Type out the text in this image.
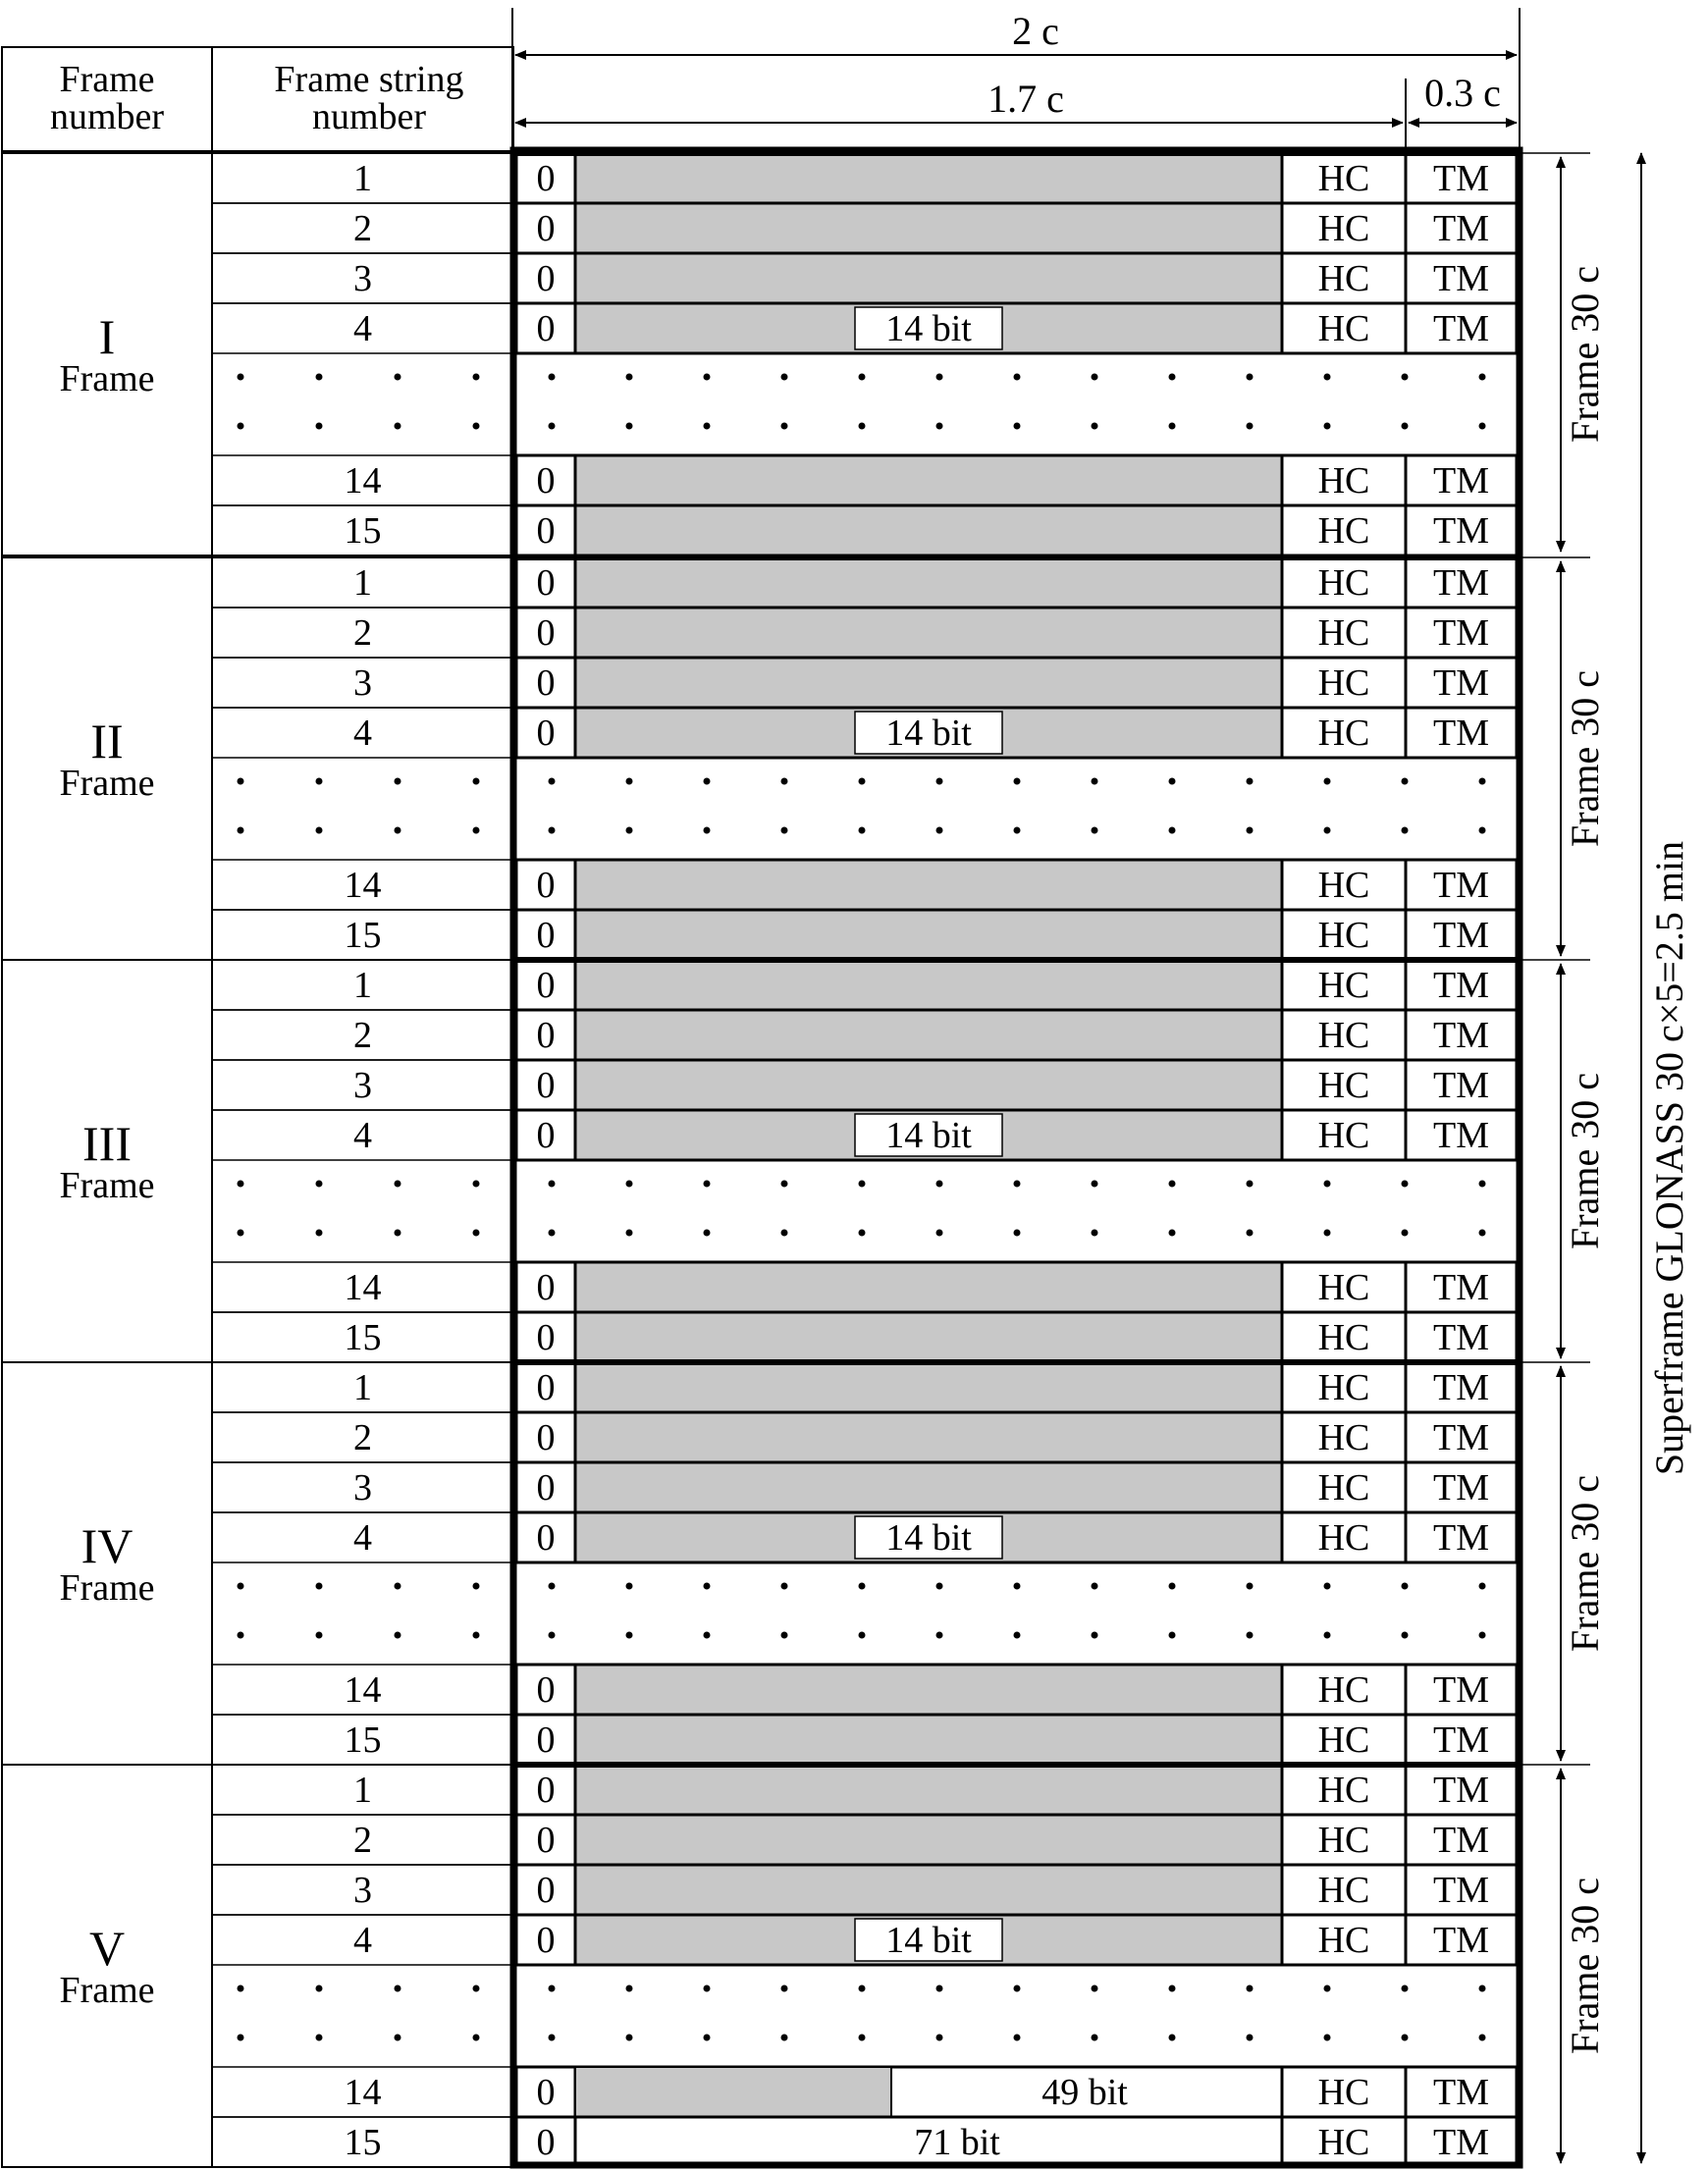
Frame
number
Frame string
number
2 c
1.7 c	0.3 c
Superframe GLONASS 30 c×5=2.5 min
I
Frame
1	0	HC TM
2	0	HC TM
3	0	HC TM
4	0	14 bit	HC TM
14	0	HC TM
15	0	HC TM
Frame 30 c
II
Frame
1	0	HC TM
2	0	HC TM
3	0	HC TM
4	0	14 bit	HC TM
14	0	HC TM
15	0	HC TM
Frame 30 c
III
Frame
1	0	HC TM
2	0	HC TM
3	0	HC TM
4	0	14 bit	HC TM
14	0	HC TM
15	0	HC TM
Frame 30 c
IV
Frame
1	0	HC TM
2	0	HC TM
3	0	HC TM
4	0	14 bit	HC TM
14	0	HC TM
15	0	HC TM
Frame 30 c
V
Frame
1	0	HC TM
2	0	HC TM
3	0	HC TM
4	0	14 bit	HC TM
14	0	49 bit	HC TM
15	0	71 bit	HC TM
Frame 30 c
